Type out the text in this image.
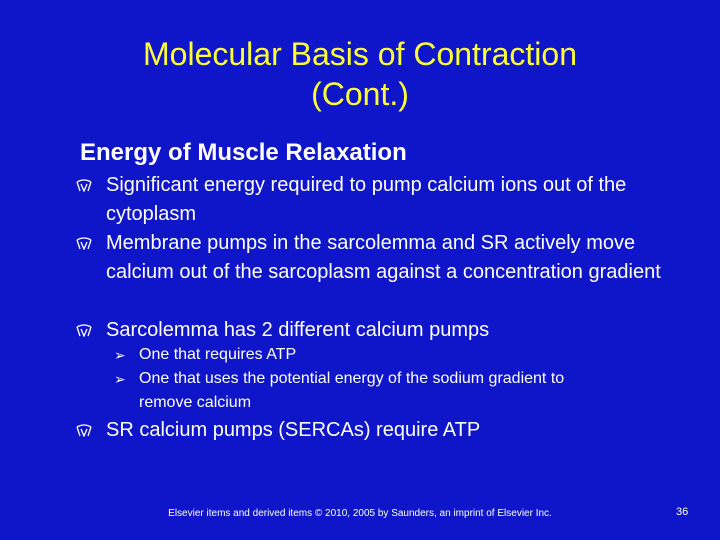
Molecular Basis of Contraction
(Cont.)
Energy of Muscle Relaxation
Significant energy required to pump calcium ions out of the cytoplasm
Membrane pumps in the sarcolemma and SR actively move calcium out of the sarcoplasm against a concentration gradient
Sarcolemma has 2 different calcium pumps
➢ One that requires ATP
➢ One that uses the potential energy of the sodium gradient to remove calcium
SR calcium pumps (SERCAs) require ATP
Elsevier items and derived items © 2010, 2005 by Saunders, an imprint of Elsevier Inc.	36
